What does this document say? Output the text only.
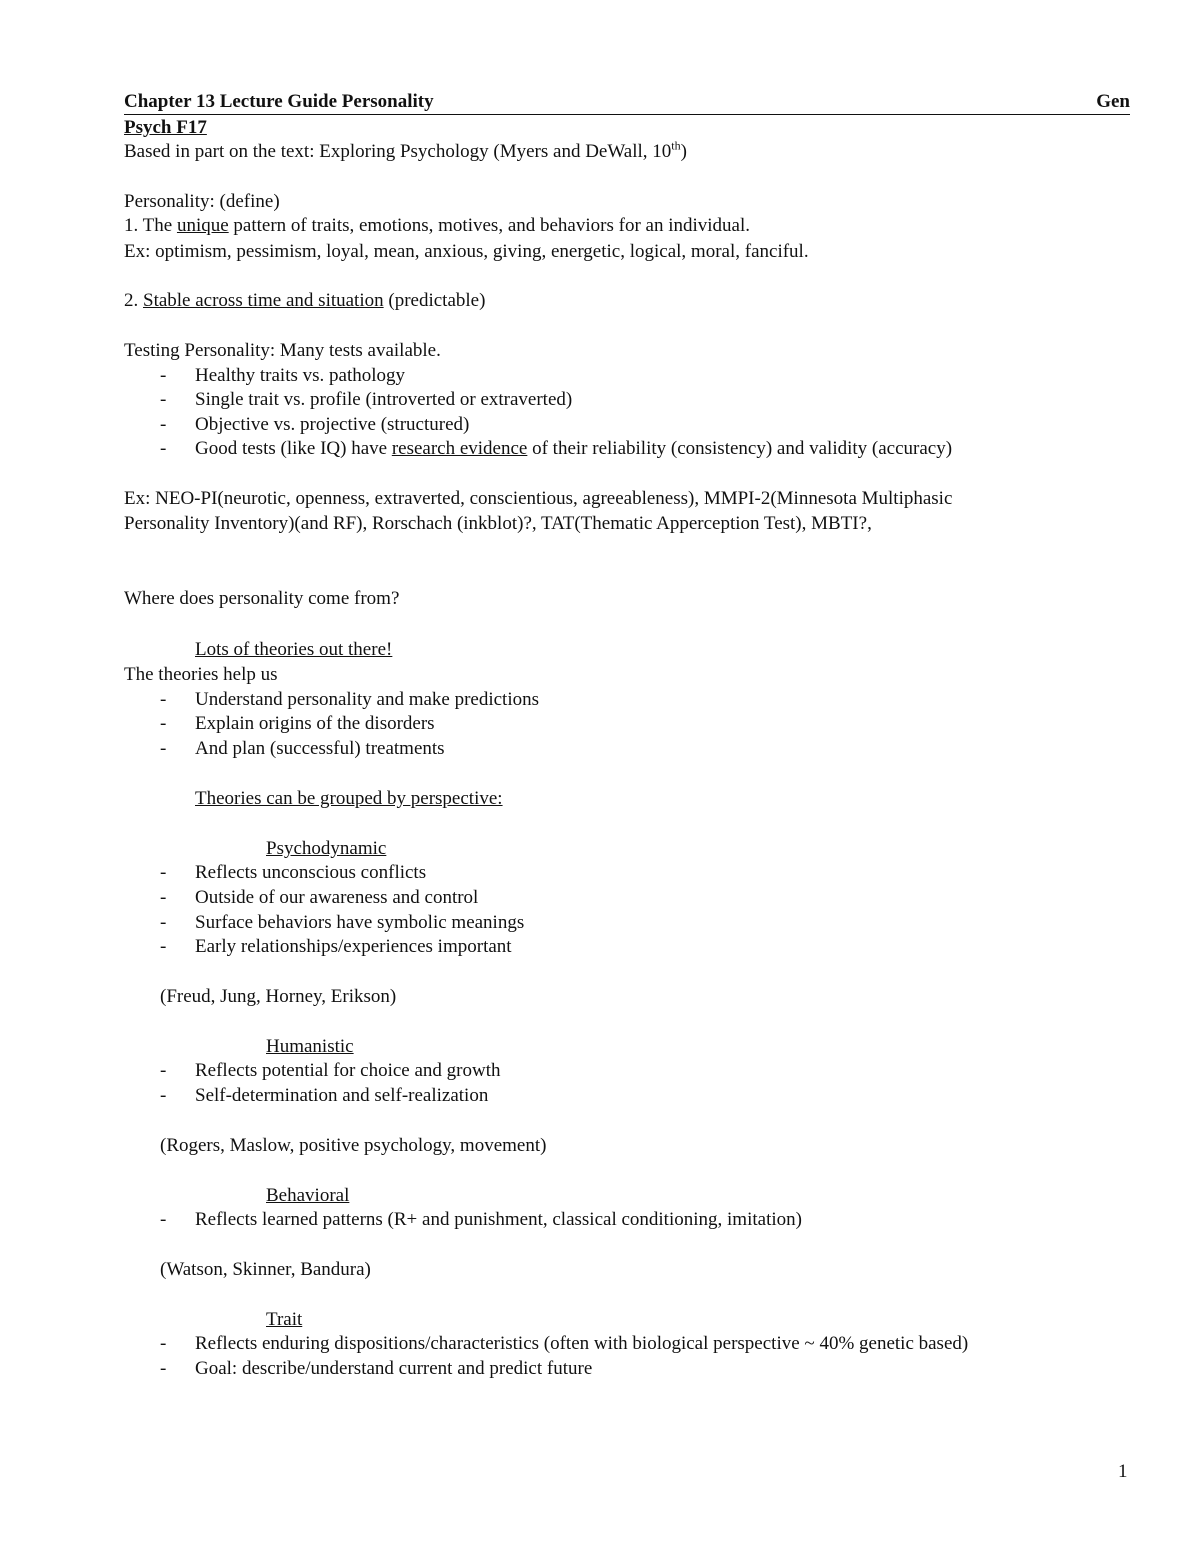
Chapter 13 Lecture Guide Personality	Gen
Psych F17
Based in part on the text: Exploring Psychology (Myers and DeWall, 10th)
Personality: (define)
1. The unique pattern of traits, emotions, motives, and behaviors for an individual.
Ex: optimism, pessimism, loyal, mean, anxious, giving, energetic, logical, moral, fanciful.
2. Stable across time and situation (predictable)
Testing Personality: Many tests available.
- Healthy traits vs. pathology
- Single trait vs. profile (introverted or extraverted)
- Objective vs. projective (structured)
- Good tests (like IQ) have research evidence of their reliability (consistency) and validity (accuracy)
Ex: NEO-PI(neurotic, openness, extraverted, conscientious, agreeableness), MMPI-2(Minnesota Multiphasic
Personality Inventory)(and RF), Rorschach (inkblot)?, TAT(Thematic Apperception Test), MBTI?,
Where does personality come from?
Lots of theories out there!
The theories help us
- Understand personality and make predictions
- Explain origins of the disorders
- And plan (successful) treatments
Theories can be grouped by perspective:
Psychodynamic
- Reflects unconscious conflicts
- Outside of our awareness and control
- Surface behaviors have symbolic meanings
- Early relationships/experiences important
(Freud, Jung, Horney, Erikson)
Humanistic
- Reflects potential for choice and growth
- Self-determination and self-realization
(Rogers, Maslow, positive psychology, movement)
Behavioral
- Reflects learned patterns (R+ and punishment, classical conditioning, imitation)
(Watson, Skinner, Bandura)
Trait
- Reflects enduring dispositions/characteristics (often with biological perspective ~ 40% genetic based)
- Goal: describe/understand current and predict future
1
